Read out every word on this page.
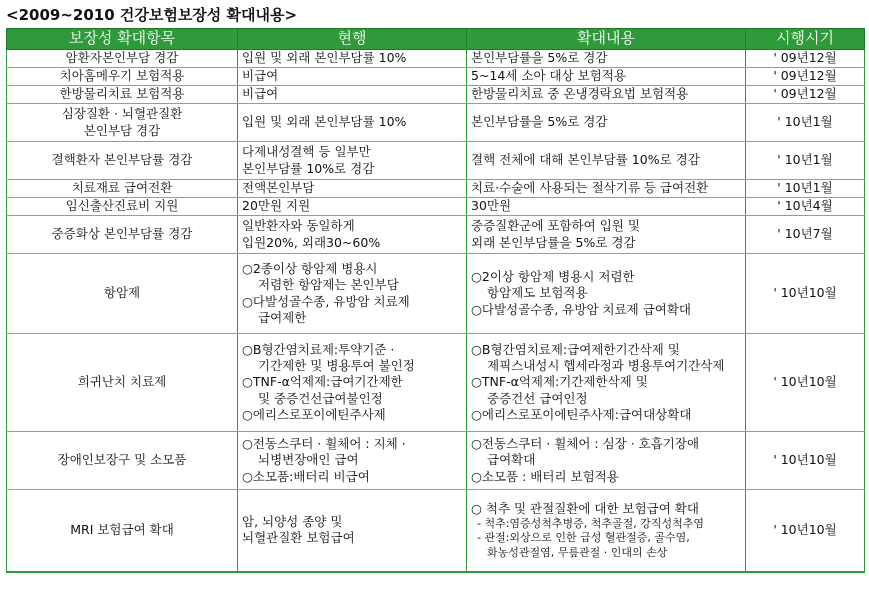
<2009~2010 건강보험보장성 확대내용>
보장성 확대항목	현행	확대내용	시행시기

암환자본인부담 경감	입원 및 외래 본인부담률 10%	본인부담률을 5%로 경감	' 09년12월

치아홈메우기 보험적용	비급여	5~14세 소아 대상 보험적용	' 09년12월

한방물리치료 보험적용	비급여	한방물리치료 중 온냉경락요법 보험적용	' 09년12월

심장질환 · 뇌혈관질환
본인부담 경감	입원 및 외래 본인부담률 10%	본인부담률을 5%로 경감	' 10년1월

결핵환자 본인부담률 경감	다제내성결핵 등 일부만
본인부담률 10%로 경감	결핵 전체에 대해 본인부담률 10%로 경감	' 10년1월

치료재료 급여전환	전액본인부담	치료·수술에 사용되는 절삭기류 등 급여전환	' 10년1월

임신출산진료비 지원	20만원 지원	30만원	' 10년4월

중증화상 본인부담률 경감	일반환자와 동일하게
입원20%, 외래30~60%	중증질환군에 포함하여 입원 및
외래 본인부담률을 5%로 경감	' 10년7월

항암제	○2종이상 항암제 병용시
저렴한 항암제는 본인부담
○다발성골수종, 유방암 치료제
급여제한	○2이상 항암제 병용시 저렴한
항암제도 보험적용
○다발성골수종, 유방암 치료제 급여확대	' 10년10월

희귀난치 치료제	○B형간염치료제:투약기준 ·
기간제한 및 병용투여 불인정
○TNF-α억제제:급여기간제한
및 중증건선급여불인정
○에리스로포이에틴주사제	○B형간염치료제:급여제한기간삭제 및
제픽스내성시 헵세라정과 병용투여기간삭제
○TNF-α억제제:기간제한삭제 및
중증건선 급여인정
○에리스로포이에틴주사제:급여대상확대	' 10년10월

장애인보장구 및 소모품	○전동스쿠터 · 휠체어 : 지체 ·
뇌병변장애인 급여
○소모품:배터리 비급여	○전동스쿠터 · 휠체어 : 심장 · 호흡기장애
급여확대
○소모품 : 배터리 보험적용	' 10년10월

MRI 보험급여 확대	암, 뇌양성 종양 및
뇌혈관질환 보험급여	○ 척추 및 관절질환에 대한 보험급여 확대
- 척추:염증성척추병증, 척추골절, 강직성척추염
- 관절:외상으로 인한 급성 혈관절증, 골수염,
화농성관절염, 무릎관절 · 인대의 손상	' 10년10월
